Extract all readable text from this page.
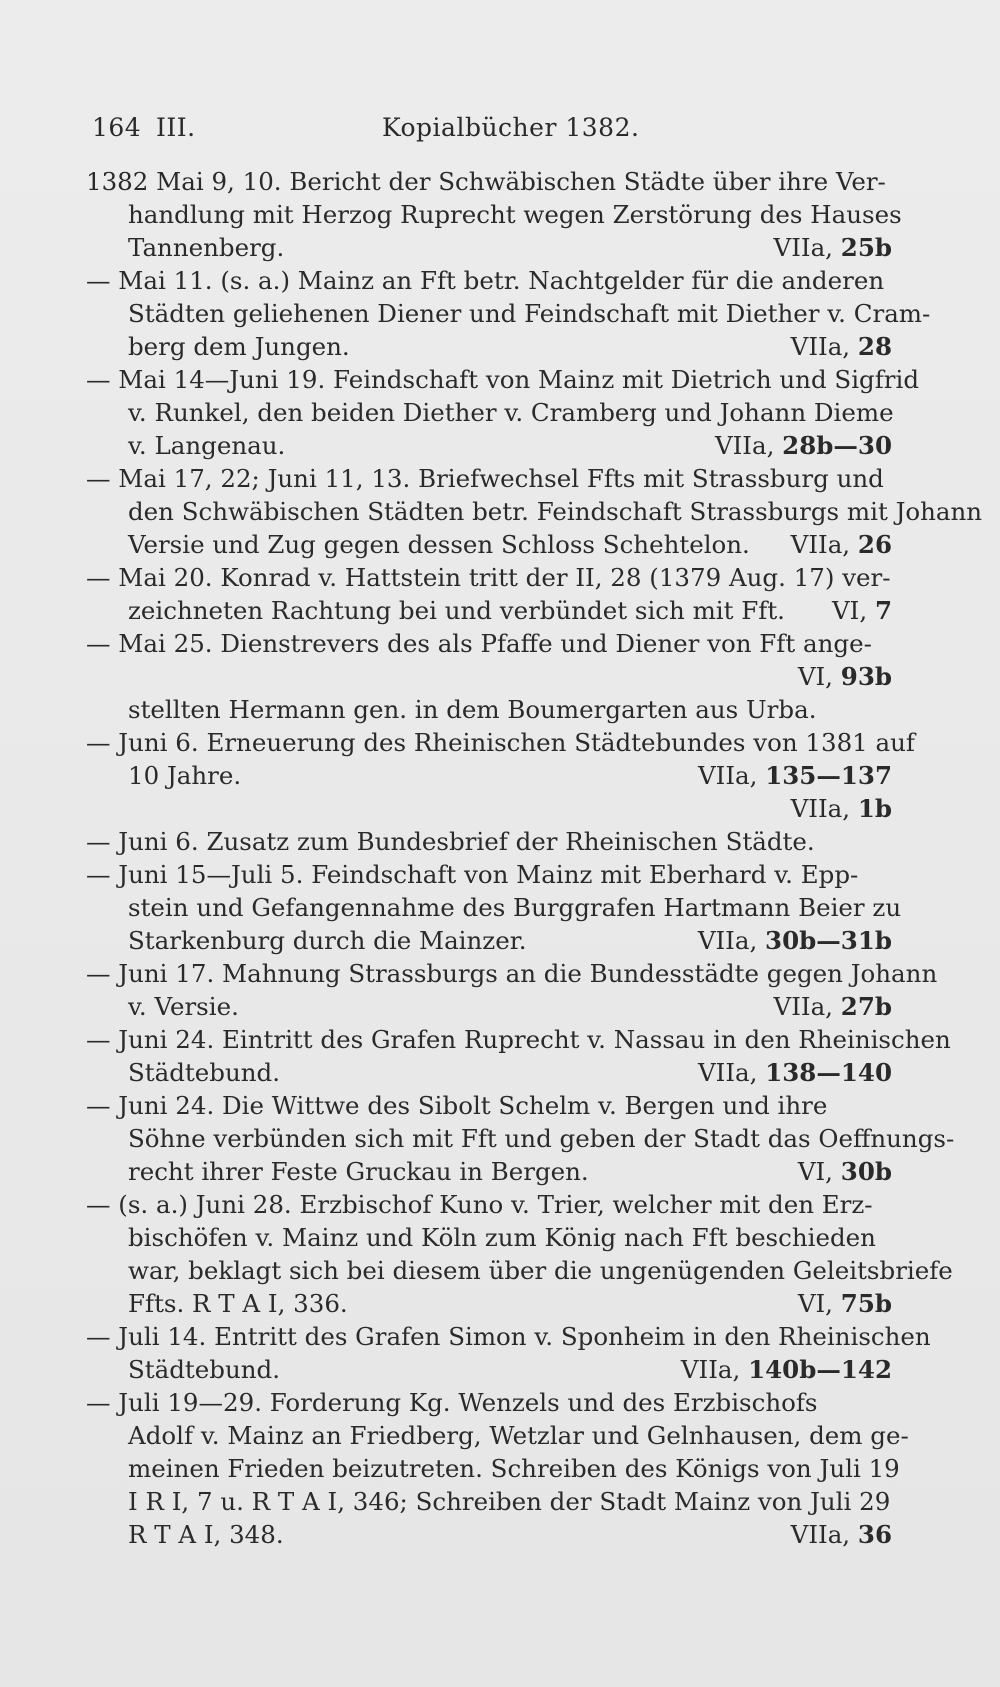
164 III.	Kopialbücher 1382.
1382 Mai 9, 10. Bericht der Schwäbischen Städte über ihre Ver-
handlung mit Herzog Ruprecht wegen Zerstörung des Hauses
VIIa, 25b
Tannenberg.
— Mai 11. (s. a.) Mainz an Fft betr. Nachtgelder für die anderen
Städten geliehenen Diener und Feindschaft mit Diether v. Cram-
VIIa, 28
berg dem Jungen.
— Mai 14—Juni 19. Feindschaft von Mainz mit Dietrich und Sigfrid
v. Runkel, den beiden Diether v. Cramberg und Johann Dieme
VIIa, 28b—30
v. Langenau.
— Mai 17, 22; Juni 11, 13. Briefwechsel Ffts mit Strassburg und
den Schwäbischen Städten betr. Feindschaft Strassburgs mit Johann
VIIa, 26
Versie und Zug gegen dessen Schloss Schehtelon.
— Mai 20. Konrad v. Hattstein tritt der II, 28 (1379 Aug. 17) ver-
VI, 7
zeichneten Rachtung bei und verbündet sich mit Fft.
— Mai 25. Dienstrevers des als Pfaffe und Diener von Fft ange-
VI, 93b
stellten Hermann gen. in dem Boumergarten aus Urba.
— Juni 6. Erneuerung des Rheinischen Städtebundes von 1381 auf
VIIa, 135—137
10 Jahre.
VIIa, 1b
— Juni 6. Zusatz zum Bundesbrief der Rheinischen Städte.
— Juni 15—Juli 5. Feindschaft von Mainz mit Eberhard v. Epp-
stein und Gefangennahme des Burggrafen Hartmann Beier zu
VIIa, 30b—31b
Starkenburg durch die Mainzer.
— Juni 17. Mahnung Strassburgs an die Bundesstädte gegen Johann
VIIa, 27b
v. Versie.
— Juni 24. Eintritt des Grafen Ruprecht v. Nassau in den Rheinischen
VIIa, 138—140
Städtebund.
— Juni 24. Die Wittwe des Sibolt Schelm v. Bergen und ihre
Söhne verbünden sich mit Fft und geben der Stadt das Oeffnungs-
VI, 30b
recht ihrer Feste Gruckau in Bergen.
— (s. a.) Juni 28. Erzbischof Kuno v. Trier, welcher mit den Erz-
bischöfen v. Mainz und Köln zum König nach Fft beschieden
war, beklagt sich bei diesem über die ungenügenden Geleitsbriefe
VI, 75b
Ffts. R T A I, 336.
— Juli 14. Entritt des Grafen Simon v. Sponheim in den Rheinischen
VIIa, 140b—142
Städtebund.
— Juli 19—29. Forderung Kg. Wenzels und des Erzbischofs
Adolf v. Mainz an Friedberg, Wetzlar und Gelnhausen, dem ge-
meinen Frieden beizutreten. Schreiben des Königs von Juli 19
I R I, 7 u. R T A I, 346; Schreiben der Stadt Mainz von Juli 29
VIIa, 36
R T A I, 348.
